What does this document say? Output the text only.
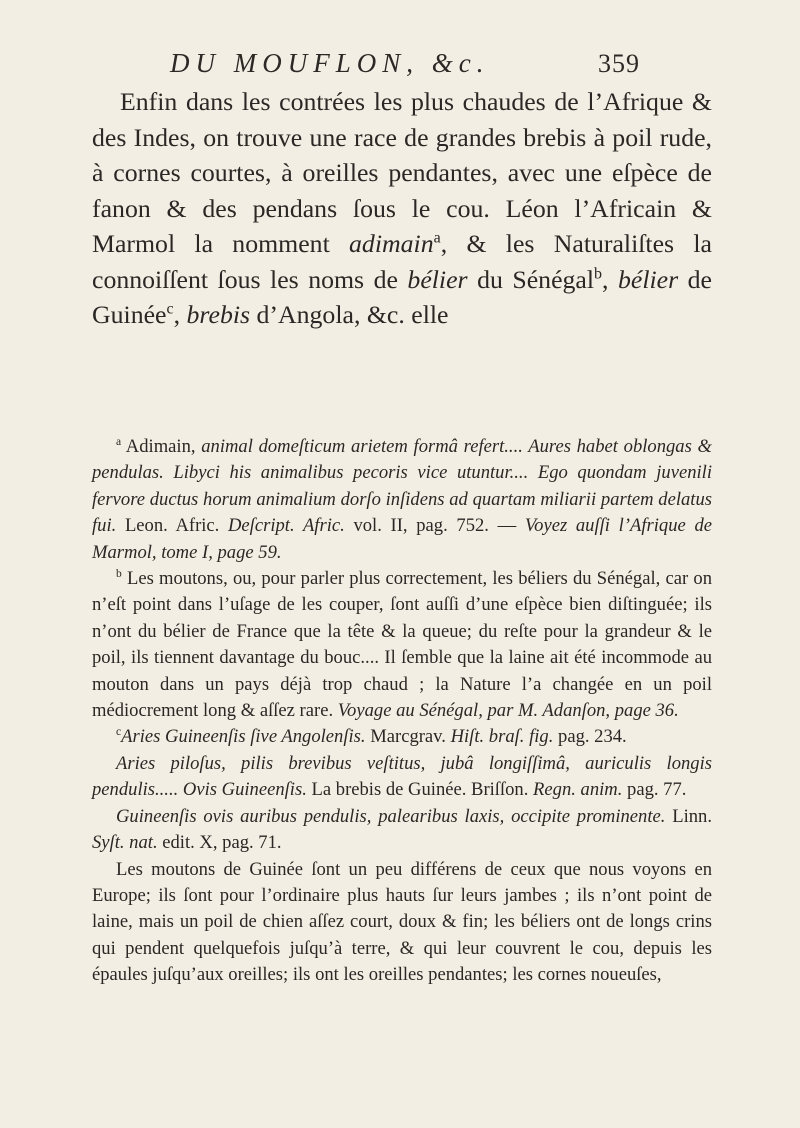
DU MOUFLON, &c.	359

Enfin dans les contrées les plus chaudes de l’Afrique & des Indes, on trouve une race de grandes brebis à poil rude, à cornes courtes, à oreilles pendantes, avec une eſpèce de fanon & des pendans ſous le cou. Léon l’Africain & Marmol la nomment adimain$^a$, & les Naturaliſtes la connoiſſent ſous les noms de bélier du Sénégal$^b$, bélier de Guinée$^c$, brebis d’Angola, &c. elle

$^a$ Adimain, animal domeſticum arietem formâ refert.... Aures habet oblongas & pendulas. Libyci his animalibus pecoris vice utuntur.... Ego quondam juvenili fervore ductus horum animalium dorſo inſidens ad quartam miliarii partem delatus fui. Leon. Afric. Deſcript. Afric. vol. II, pag. 752. — Voyez auſſi l’Afrique de Marmol, tome I, page 59.

$^b$ Les moutons, ou, pour parler plus correctement, les béliers du Sénégal, car on n’eſt point dans l’uſage de les couper, ſont auſſi d’une eſpèce bien diſtinguée; ils n’ont du bélier de France que la tête & la queue; du reſte pour la grandeur & le poil, ils tiennent davantage du bouc.... Il ſemble que la laine ait été incommode au mouton dans un pays déjà trop chaud ; la Nature l’a changée en un poil médiocrement long & aſſez rare. Voyage au Sénégal, par M. Adanſon, page 36.

$^c$Aries Guineenſis ſive Angolenſis. Marcgrav. Hiſt. braſ. fig. pag. 234.

Aries piloſus, pilis brevibus veſtitus, jubâ longiſſimâ, auriculis longis pendulis..... Ovis Guineenſis. La brebis de Guinée. Briſſon. Regn. anim. pag. 77.

Guineenſis ovis auribus pendulis, palearibus laxis, occipite prominente. Linn. Syſt. nat. edit. X, pag. 71.

Les moutons de Guinée ſont un peu différens de ceux que nous voyons en Europe; ils ſont pour l’ordinaire plus hauts ſur leurs jambes ; ils n’ont point de laine, mais un poil de chien aſſez court, doux & fin; les béliers ont de longs crins qui pendent quelquefois juſqu’à terre, & qui leur couvrent le cou, depuis les épaules juſqu’aux oreilles; ils ont les oreilles pendantes; les cornes noueuſes,
